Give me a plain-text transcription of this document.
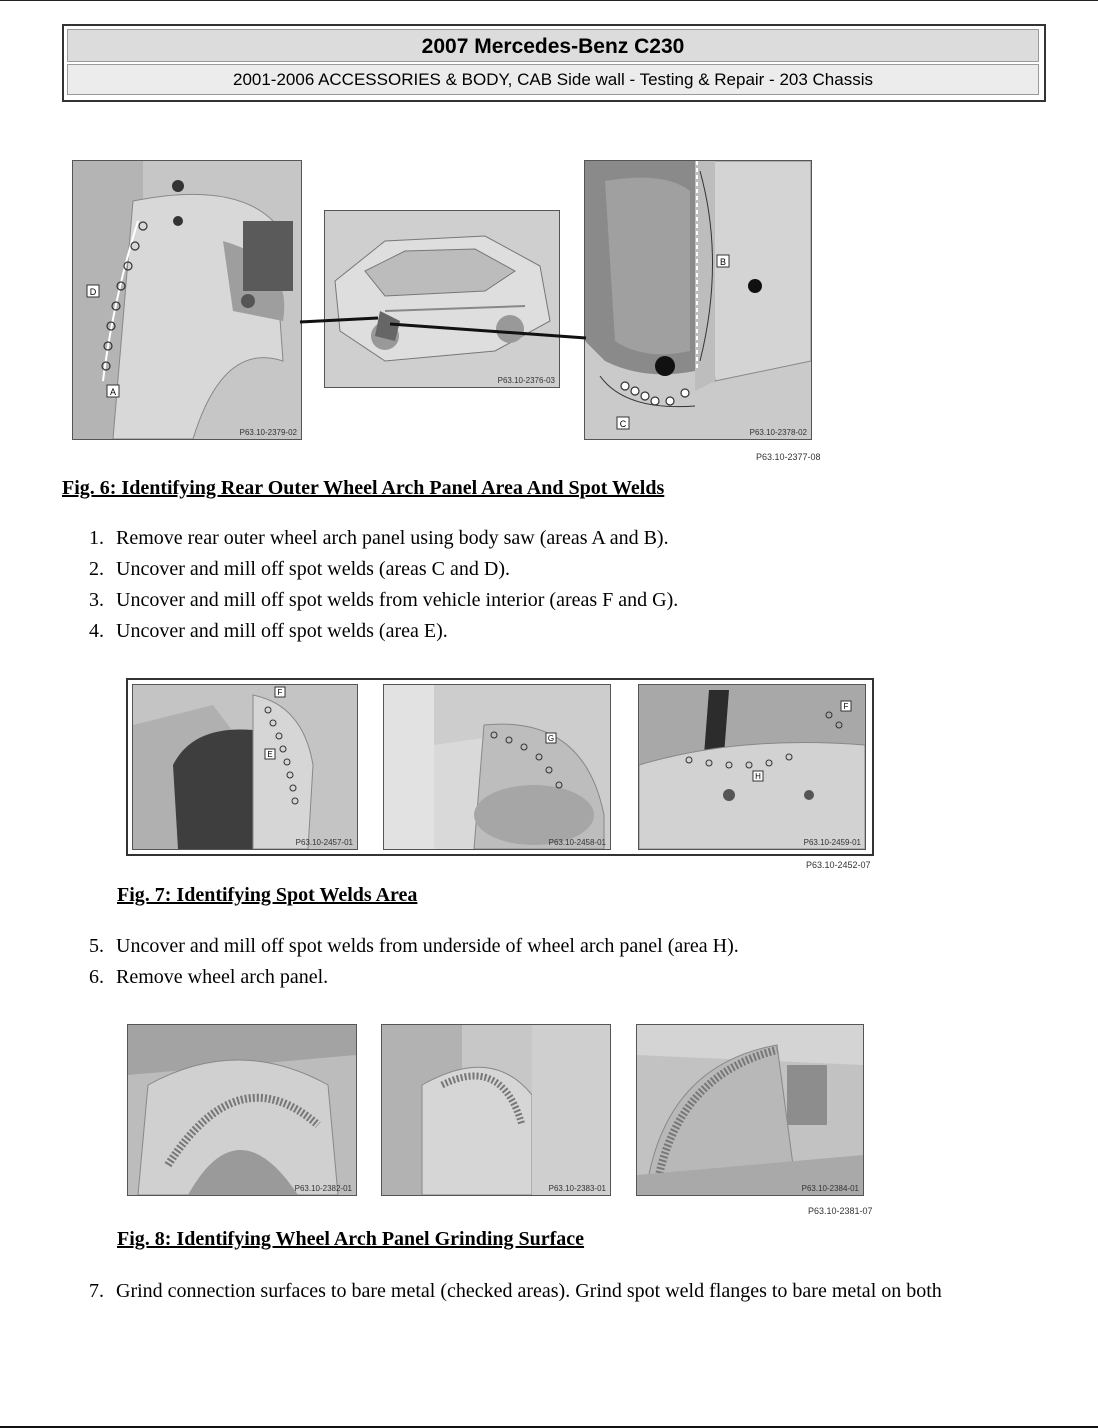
2007 Mercedes-Benz C230
2001-2006 ACCESSORIES & BODY, CAB Side wall - Testing & Repair - 203 Chassis
D
A
P63.10-2379-02
P63.10-2376-03
B
C
P63.10-2378-02
P63.10-2377-08
Fig. 6: Identifying Rear Outer Wheel Arch Panel Area And Spot Welds
1. Remove rear outer wheel arch panel using body saw (areas A and B).
2. Uncover and mill off spot welds (areas C and D).
3. Uncover and mill off spot welds from vehicle interior (areas F and G).
4. Uncover and mill off spot welds (area E).
F
E
P63.10-2457-01
G
P63.10-2458-01
F
H
P63.10-2459-01
P63.10-2452-07
Fig. 7: Identifying Spot Welds Area
5. Uncover and mill off spot welds from underside of wheel arch panel (area H).
6. Remove wheel arch panel.
P63.10-2382-01	P63.10-2383-01	P63.10-2384-01
P63.10-2381-07
Fig. 8: Identifying Wheel Arch Panel Grinding Surface
7. Grind connection surfaces to bare metal (checked areas). Grind spot weld flanges to bare metal on both
